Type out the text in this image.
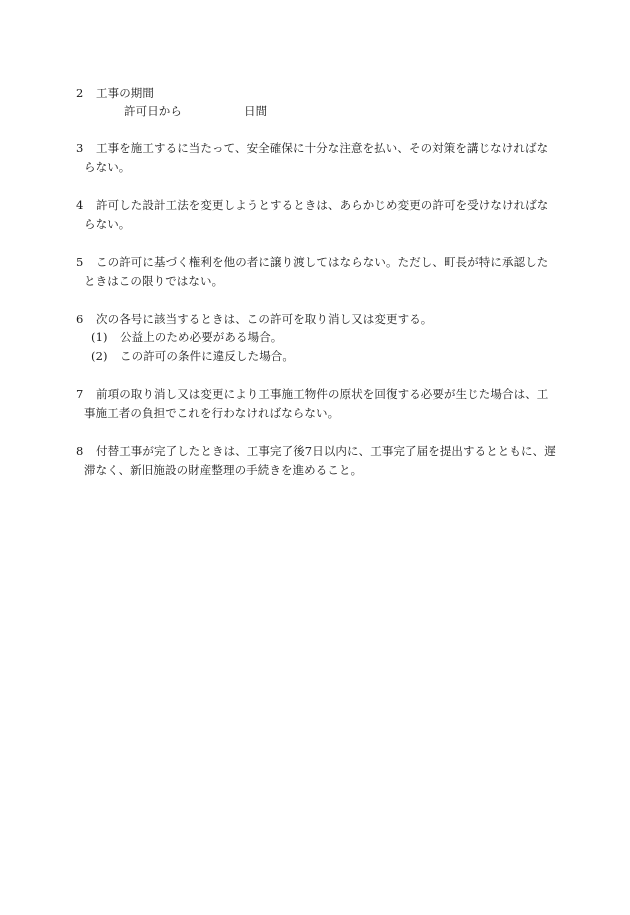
2 工事の期間
許可日から	日間
3 工事を施工するに当たって、安全確保に十分な注意を払い、その対策を講じなければな
らない。
4 許可した設計工法を変更しようとするときは、あらかじめ変更の許可を受けなければな
らない。
5 この許可に基づく権利を他の者に譲り渡してはならない。ただし、町長が特に承認した
ときはこの限りではない。
6 次の各号に該当するときは、この許可を取り消し又は変更する。
(1) 公益上のため必要がある場合。
(2) この許可の条件に違反した場合。
7 前項の取り消し又は変更により工事施工物件の原状を回復する必要が生じた場合は、工
事施工者の負担でこれを行わなければならない。
8 付替工事が完了したときは、工事完了後7日以内に、工事完了届を提出するとともに、遅
滞なく、新旧施設の財産整理の手続きを進めること。
